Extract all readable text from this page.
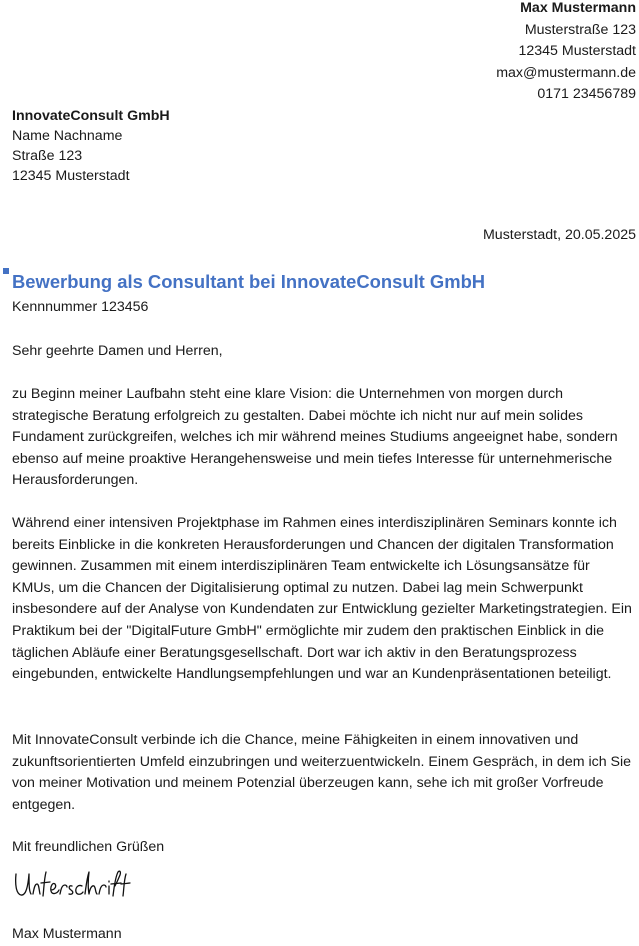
Max Mustermann
Musterstraße 123
12345 Musterstadt
max@mustermann.de
0171 23456789
InnovateConsult GmbH
Name Nachname
Straße 123
12345 Musterstadt
Musterstadt, 20.05.2025
Bewerbung als Consultant bei InnovateConsult GmbH
Kennnummer 123456
Sehr geehrte Damen und Herren,
zu Beginn meiner Laufbahn steht eine klare Vision: die Unternehmen von morgen durch strategische Beratung erfolgreich zu gestalten. Dabei möchte ich nicht nur auf mein solides Fundament zurückgreifen, welches ich mir während meines Studiums angeeignet habe, sondern ebenso auf meine proaktive Herangehensweise und mein tiefes Interesse für unternehmerische Herausforderungen.
Während einer intensiven Projektphase im Rahmen eines interdisziplinären Seminars konnte ich bereits Einblicke in die konkreten Herausforderungen und Chancen der digitalen Transformation gewinnen. Zusammen mit einem interdisziplinären Team entwickelte ich Lösungsansätze für KMUs, um die Chancen der Digitalisierung optimal zu nutzen. Dabei lag mein Schwerpunkt insbesondere auf der Analyse von Kundendaten zur Entwicklung gezielter Marketingstrategien. Ein Praktikum bei der "DigitalFuture GmbH" ermöglichte mir zudem den praktischen Einblick in die täglichen Abläufe einer Beratungsgesellschaft. Dort war ich aktiv in den Beratungsprozess eingebunden, entwickelte Handlungsempfehlungen und war an Kundenpräsentationen beteiligt.
Mit InnovateConsult verbinde ich die Chance, meine Fähigkeiten in einem innovativen und zukunftsorientierten Umfeld einzubringen und weiterzuentwickeln. Einem Gespräch, in dem ich Sie von meiner Motivation und meinem Potenzial überzeugen kann, sehe ich mit großer Vorfreude entgegen.
Mit freundlichen Grüßen
Max Mustermann
